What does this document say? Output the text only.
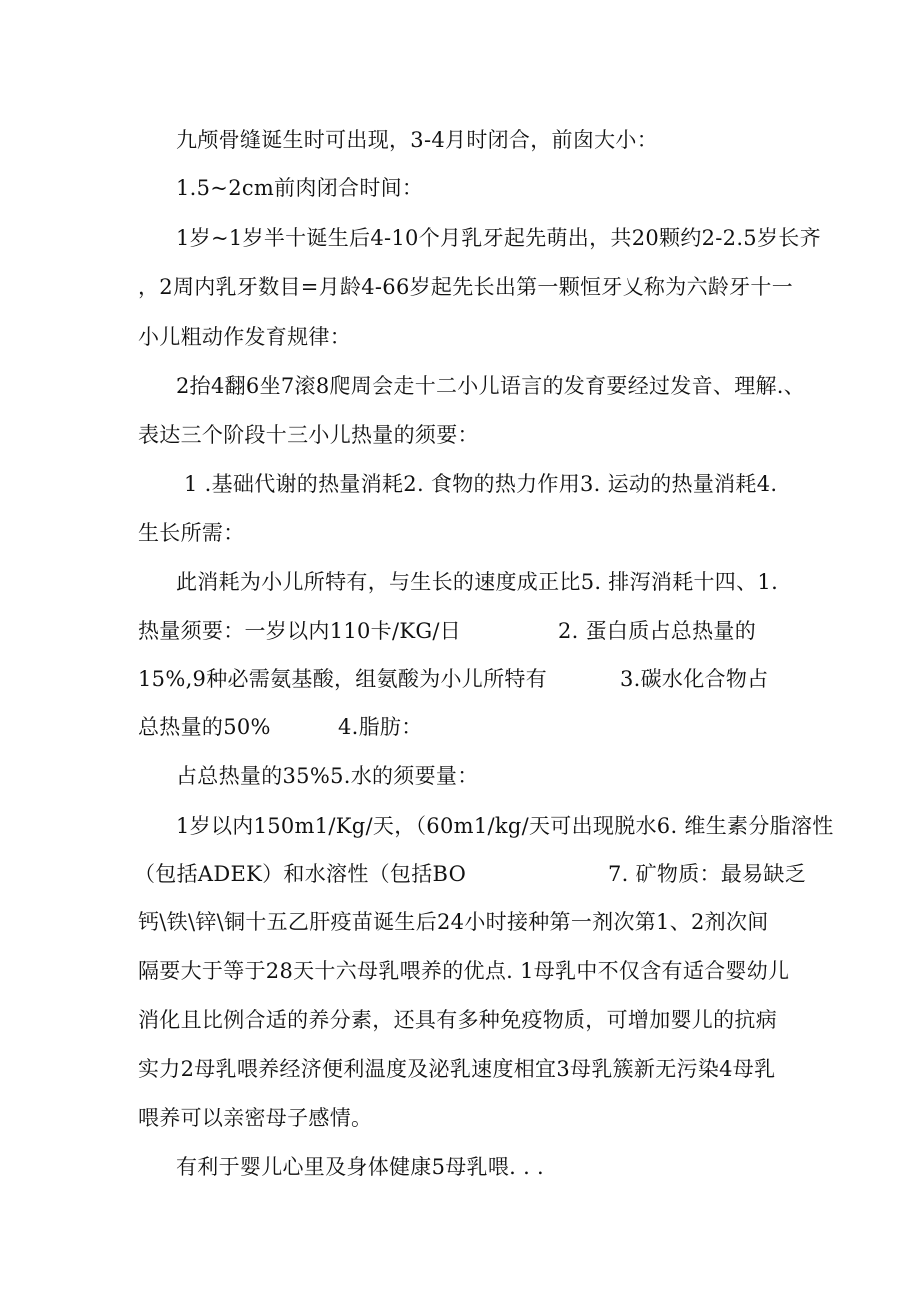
九颅骨缝诞生时可出现，3-4月时闭合，前囱大小：
1.5~2cm前肉闭合时间：
1岁~1岁半十诞生后4-10个月乳牙起先萌出，共20颗约2-2.5岁长齐
，2周内乳牙数目=月龄4-66岁起先长出第一颗恒牙乂称为六龄牙十一
小儿粗动作发育规律：
2抬4翻6坐7滚8爬周会走十二小儿语言的发育要经过发音、理解.、
表达三个阶段十三小儿热量的须要：
1 .基础代谢的热量消耗2. 食物的热力作用3. 运动的热量消耗4.
生长所需：
此消耗为小儿所特有，与生长的速度成正比5. 排泻消耗十四、1.
热量须要：一岁以内110卡/KG/日	2. 蛋白质占总热量的
15%,9种必需氨基酸，组氨酸为小儿所特有	3.碳水化合物占
总热量的50%	4.脂肪：
占总热量的35%5.水的须要量：
1岁以内150m1/Kg/天，（60m1/kg/天可出现脱水6. 维生素分脂溶性
（包括ADEK）和水溶性（包括BO	7. 矿物质：最易缺乏
钙\铁\锌\铜十五乙肝疫苗诞生后24小时接种第一剂次第1、2剂次间
隔要大于等于28天十六母乳喂养的优点. 1母乳中不仅含有适合婴幼儿
消化且比例合适的养分素，还具有多种免疫物质，可增加婴儿的抗病
实力2母乳喂养经济便利温度及泌乳速度相宜3母乳簇新无污染4母乳
喂养可以亲密母子感情。
有利于婴儿心里及身体健康5母乳喂. . .
